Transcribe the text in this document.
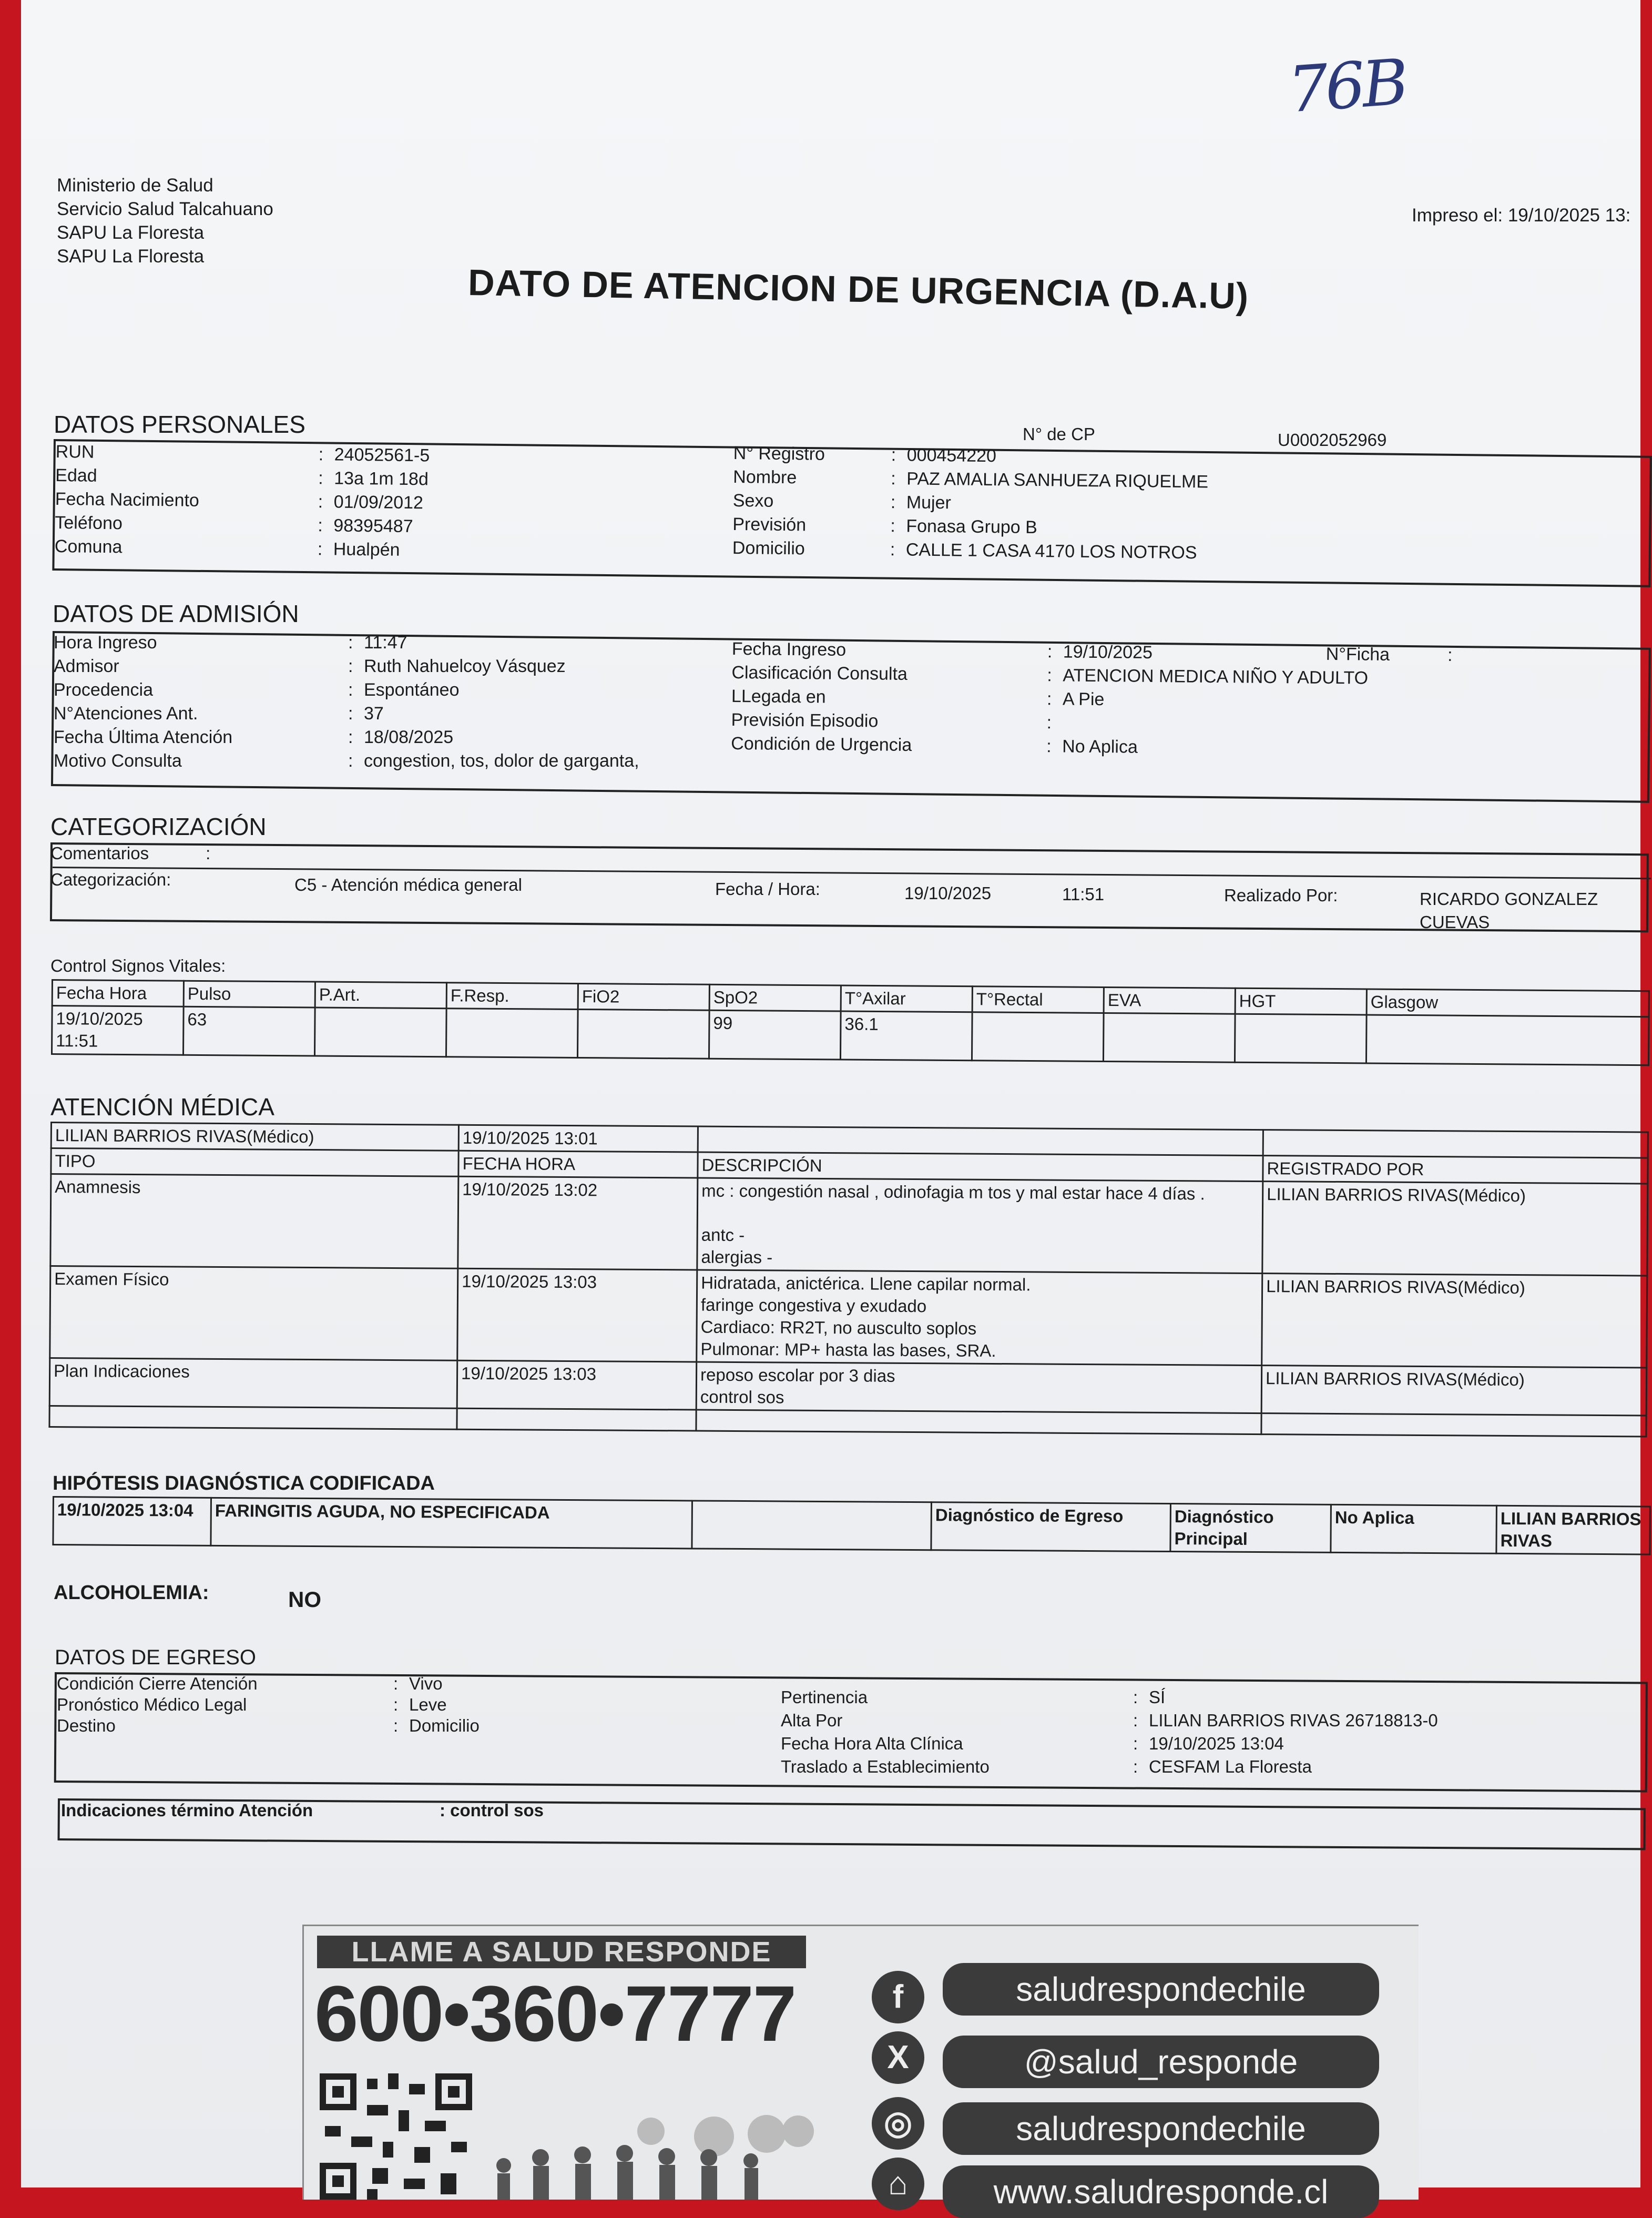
76B
Ministerio de Salud
Servicio Salud Talcahuano
SAPU La Floresta
SAPU La Floresta
Impreso el: 19/10/2025 13:
DATO DE ATENCION DE URGENCIA (D.A.U)
DATOS PERSONALES	N° de CP	U0002052969
RUN	: 24052561-5
Edad	: 13a 1m 18d
Fecha Nacimiento	: 01/09/2012
Teléfono	: 98395487
Comuna	: Hualpén
N° Registro	: 000454220
Nombre	: PAZ AMALIA SANHUEZA RIQUELME
Sexo	: Mujer
Previsión	: Fonasa Grupo B
Domicilio	: CALLE 1 CASA 4170 LOS NOTROS
DATOS DE ADMISIÓN
Hora Ingreso	: 11:47
Admisor	: Ruth Nahuelcoy Vásquez
Procedencia	: Espontáneo
N°Atenciones Ant.	: 37
Fecha Última Atención	: 18/08/2025
Motivo Consulta	: congestion, tos, dolor de garganta,
Fecha Ingreso	: 19/10/2025	N°Ficha	:
Clasificación Consulta	: ATENCION MEDICA NIÑO Y ADULTO
LLegada en	: A Pie
Previsión Episodio	:
Condición de Urgencia	: No Aplica
CATEGORIZACIÓN
Comentarios	:
Categorización:	C5 - Atención médica general	Fecha / Hora:	19/10/2025	11:51	Realizado Por:	RICARDO GONZALEZ
CUEVAS
Control Signos Vitales:
Fecha Hora	Pulso	P.Art.	F.Resp.	FiO2	SpO2	T°Axilar	T°Rectal	EVA	HGT	Glasgow
19/10/2025 11:51	63				99	36.1				
ATENCIÓN MÉDICA
LILIAN BARRIOS RIVAS(Médico)	19/10/2025 13:01		
TIPO	FECHA HORA	DESCRIPCIÓN	REGISTRADO POR
Anamnesis	19/10/2025 13:02	mc : congestión nasal , odinofagia m tos y mal estar hace 4 días .
antc -
alergias -	LILIAN BARRIOS RIVAS(Médico)
Examen Físico	19/10/2025 13:03	Hidratada, anictérica. Llene capilar normal.
faringe congestiva y exudado
Cardiaco: RR2T, no ausculto soplos
Pulmonar: MP+ hasta las bases, SRA.	LILIAN BARRIOS RIVAS(Médico)
Plan Indicaciones	19/10/2025 13:03	reposo escolar por 3 dias
control sos	LILIAN BARRIOS RIVAS(Médico)

HIPÓTESIS DIAGNÓSTICA CODIFICADA
19/10/2025 13:04	FARINGITIS AGUDA, NO ESPECIFICADA		Diagnóstico de Egreso	Diagnóstico Principal	No Aplica	LILIAN BARRIOS RIVAS
ALCOHOLEMIA:	NO
DATOS DE EGRESO
Condición Cierre Atención	: Vivo
Pronóstico Médico Legal	: Leve
Destino	: Domicilio
Pertinencia	: SÍ
Alta Por	: LILIAN BARRIOS RIVAS 26718813-0
Fecha Hora Alta Clínica	: 19/10/2025 13:04
Traslado a Establecimiento	: CESFAM La Floresta
Indicaciones término Atención	: control sos
LLAME A SALUD RESPONDE
600•360•7777	f	saludrespondechile
X	@salud_responde
◎	saludrespondechile
⌂	www.saludresponde.cl
